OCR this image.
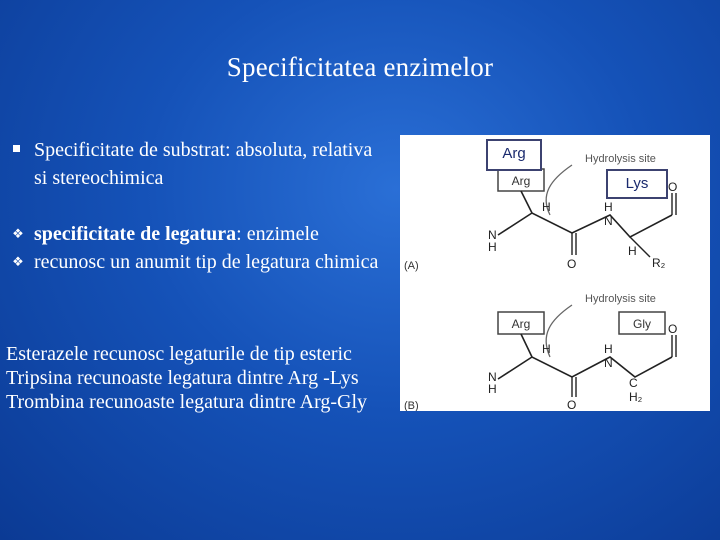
Specificitatea enzimelor
Specificitate de substrat: absoluta, relativa si stereochimica
❖
❖
specificitate de legatura: enzimele recunosc un anumit tip de legatura chimica
Esterazele recunosc legaturile de tip esteric
Tripsina recunoaste legatura dintre Arg -Lys
Trombina recunoaste legatura dintre Arg-Gly
Hydrolysis site
Arg
N
H
H
O
H
N
O
H
R₂
(A)
Hydrolysis site
Arg	Gly
N
H
H
O
H
N
O
C
H₂
(B)
Arg
Lys
